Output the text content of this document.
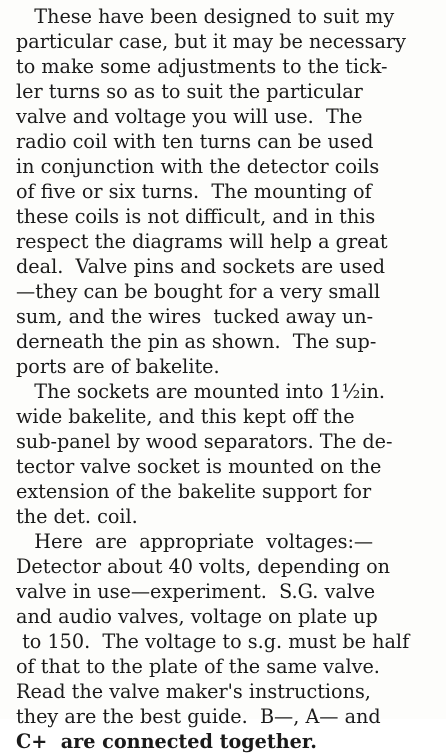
These have been designed to suit my
particular case, but it may be necessary
to make some adjustments to the tick-
ler turns so as to suit the particular
valve and voltage you will use.  The
radio coil with ten turns can be used
in conjunction with the detector coils
of five or six turns.  The mounting of
these coils is not difficult, and in this
respect the diagrams will help a great
deal.  Valve pins and sockets are used
—they can be bought for a very small
sum, and the wires  tucked away un-
derneath the pin as shown.  The sup-
ports are of bakelite.
The sockets are mounted into 1½in.
wide bakelite, and this kept off the
sub-panel by wood separators. The de-
tector valve socket is mounted on the
extension of the bakelite support for
the det. coil.
Here  are  appropriate  voltages:—
Detector about 40 volts, depending on
valve in use—experiment.  S.G. valve
and audio valves, voltage on plate up
to 150.  The voltage to s.g. must be half
of that to the plate of the same valve.
Read the valve maker's instructions,
they are the best guide.  B—, A— and
C+  are connected together.
